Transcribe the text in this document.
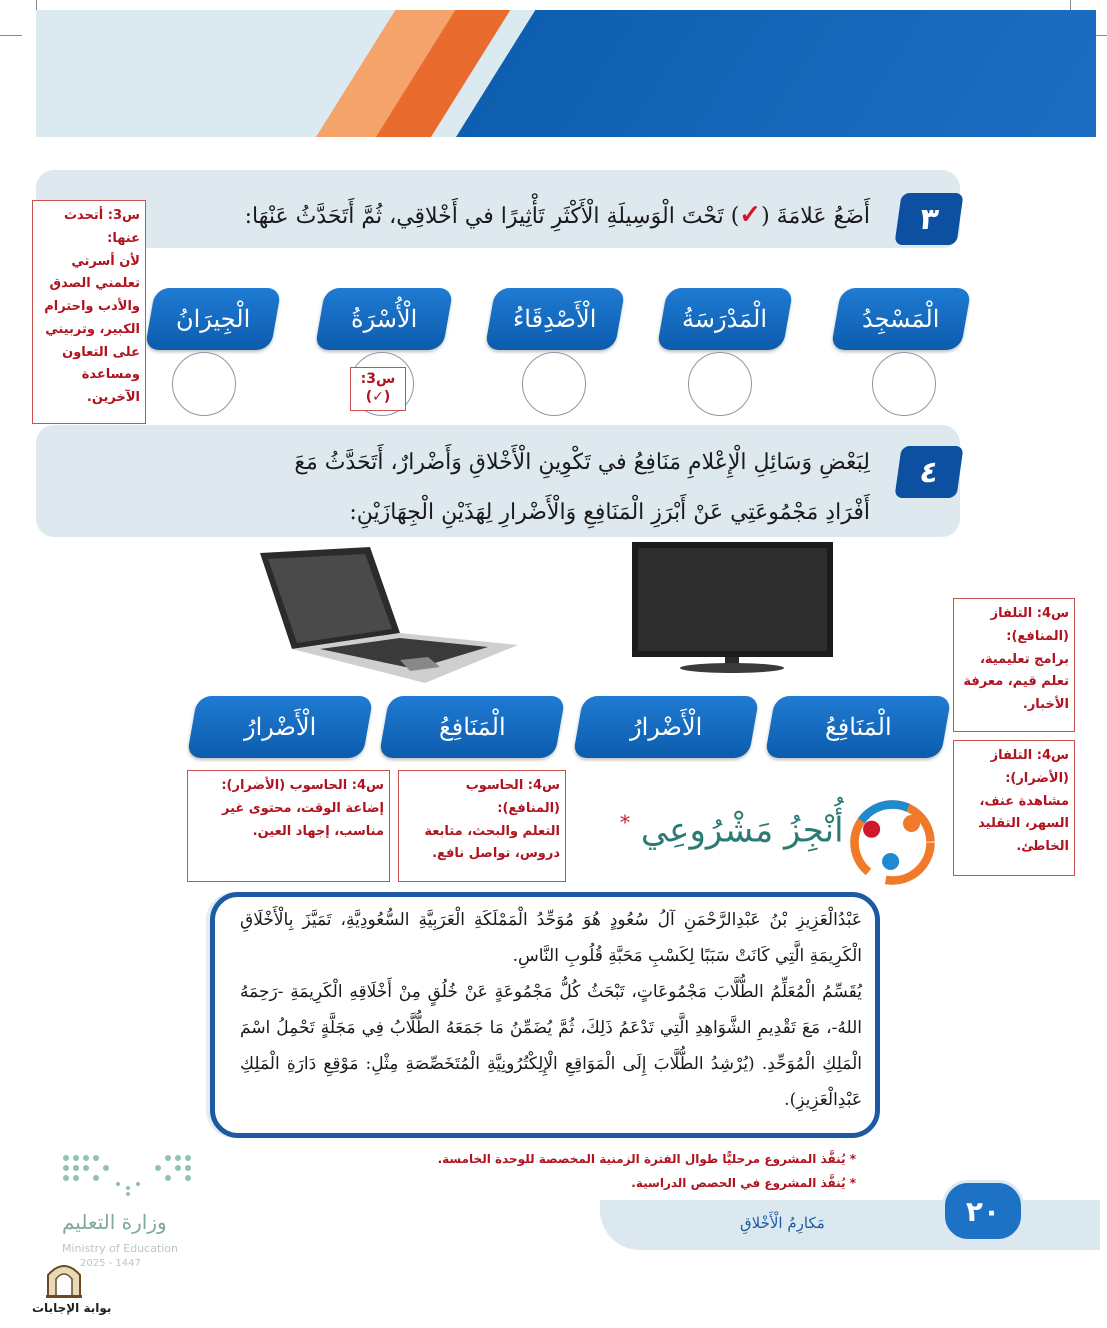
٣
أَضَعُ عَلامَةَ (✓) تَحْتَ الْوَسِيلَةِ الْأَكْثَرِ تَأْثِيرًا في أَخْلاقِي، ثُمَّ أَتَحَدَّثُ عَنْهَا:
الْمَسْجِدُ
الْمَدْرَسَةُ
الْأَصْدِقَاءُ
الْأُسْرَةُ
الْجِيرَانُ
س3:
(✓)
س3: أتحدث عنها:
لأن أسرتي تعلمني الصدق والأدب واحترام الكبير، وتربيني على التعاون ومساعدة الآخرين.
٤
لِبَعْضِ وَسَائِلِ الْإِعْلامِ مَنَافِعُ في تَكْوِينِ الْأَخْلاقِ وَأَضْرارٌ، أَتَحَدَّثُ مَعَ
أَفْرَادِ مَجْمُوعَتِي عَنْ أَبْرَزِ الْمَنَافِعِ وَالْأَضْرارِ لِهَذَيْنِ الْجِهَازَيْنِ:
الْمَنَافِعُ
الْأَضْرارُ
الْمَنَافِعُ
الْأَضْرارُ
س4: التلفاز (المنافع):
برامج تعليمية، تعلم قيم، معرفة الأخبار.
س4: التلفاز (الأضرار):
مشاهدة عنف، السهر، التقليد الخاطئ.
س4: الحاسوب (المنافع):
التعلم والبحث، متابعة دروس، تواصل نافع.
س4: الحاسوب (الأضرار):
إضاعة الوقت، محتوى غير مناسب، إجهاد العين.	أُنْجِزُ مَشْرُوعِي *
عَبْدُالْعَزِيزِ بْنُ عَبْدِالرَّحْمَنِ آلُ سُعُودٍ هُوَ مُوَحِّدُ الْمَمْلَكَةِ الْعَرَبِيَّةِ السُّعُودِيَّةِ، تَمَيَّزَ بِالْأَخْلَاقِ الْكَرِيمَةِ الَّتِي كَانَتْ سَبَبًا لِكَسْبِ مَحَبَّةِ قُلُوبِ النَّاسِ.
يُقَسِّمُ الْمُعَلِّمُ الطُّلَّابَ مَجْمُوعَاتٍ، تَبْحَثُ كُلُّ مَجْمُوعَةٍ عَنْ خُلُقٍ مِنْ أَخْلَاقِهِ الْكَرِيمَةِ -رَحِمَهُ اللهُ-، مَعَ تَقْدِيمِ الشَّوَاهِدِ الَّتِي تَدْعَمُ ذَلِكَ، ثُمَّ يُضَمِّنُ مَا جَمَعَهُ الطُّلَّابُ فِي مَجَلَّةٍ تَحْمِلُ اسْمَ الْمَلِكِ الْمُوَحِّدِ. (يُرْشِدُ الطُّلَّابَ إِلَى الْمَوَاقِعِ الْإِلِكْتُرُونِيَّةِ الْمُتَخَصِّصَةِ مِثْلِ: مَوْقِعِ دَارَةِ الْمَلِكِ عَبْدِالْعَزِيزِ).
* يُنفَّذ المشروع مرحليًّا طوال الفترة الزمنية المخصصة للوحدة الخامسة.
* يُنفَّذ المشروع في الحصص الدراسية.
٢٠
مَكارِمُ الْأَخْلاقِ
وزارة التعليم
Ministry of Education
2025 - 1447
بوابة الإجابات
